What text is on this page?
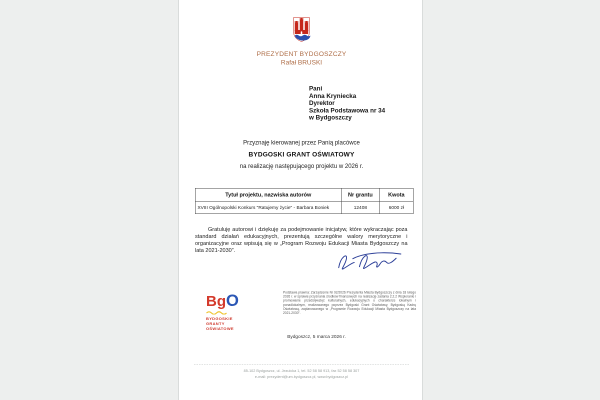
PREZYDENT BYDGOSZCZY
Rafał BRUSKI
Pani
Anna Kryniecka
Dyrektor
Szkoła Podstawowa nr 34
w Bydgoszczy
Przyznaję kierowanej przez Panią placówce
BYDGOSKI GRANT OŚWIATOWY
na realizację następującego projektu w 2026 r.
Tytuł projektu, nazwiska autorów	Nr grantu	Kwota
XVIII Ogólnopolski Konkurs "Ratujemy życie" - Barbara Boniek	12408	6000 zł
Gratuluję autorowi i dziękuję za podejmowanie inicjatyw, które wykraczając poza standard działań edukacyjnych, prezentują szczególne walory merytoryczne i organizacyjne oraz wpisują się w „Program Rozwoju Edukacji Miasta Bydgoszczy na lata 2021-2030”.
BgO
BYDGOSKIE
GRANTY
OŚWIATOWE
Podstawa prawna: Zarządzenie Nr 92/2026 Prezydenta Miasta Bydgoszczy z dnia 18 lutego 2026 r. w sprawie przyznania środków finansowych na realizację zadania 2.2.2 Wspieranie i promowanie przedsięwzięć kulturalnych, edukacyjnych o charakterze lokalnym i ponadlokalnym, realizowanego poprzez Bydgoski Grant Oświatowy, Bydgoską Kadrę Oświatową, zaplanowanego w „Programie Rozwoju Edukacji Miasta Bydgoszczy na lata 2021-2030”.
Bydgoszcz, 5 marca 2026 r.
85-102 Bydgoszcz, ul. Jezuicka 1, tel. 52 58 58 913, fax 52 58 58 307
e-mail: prezydent@um.bydgoszcz.pl, www.bydgoszcz.pl
